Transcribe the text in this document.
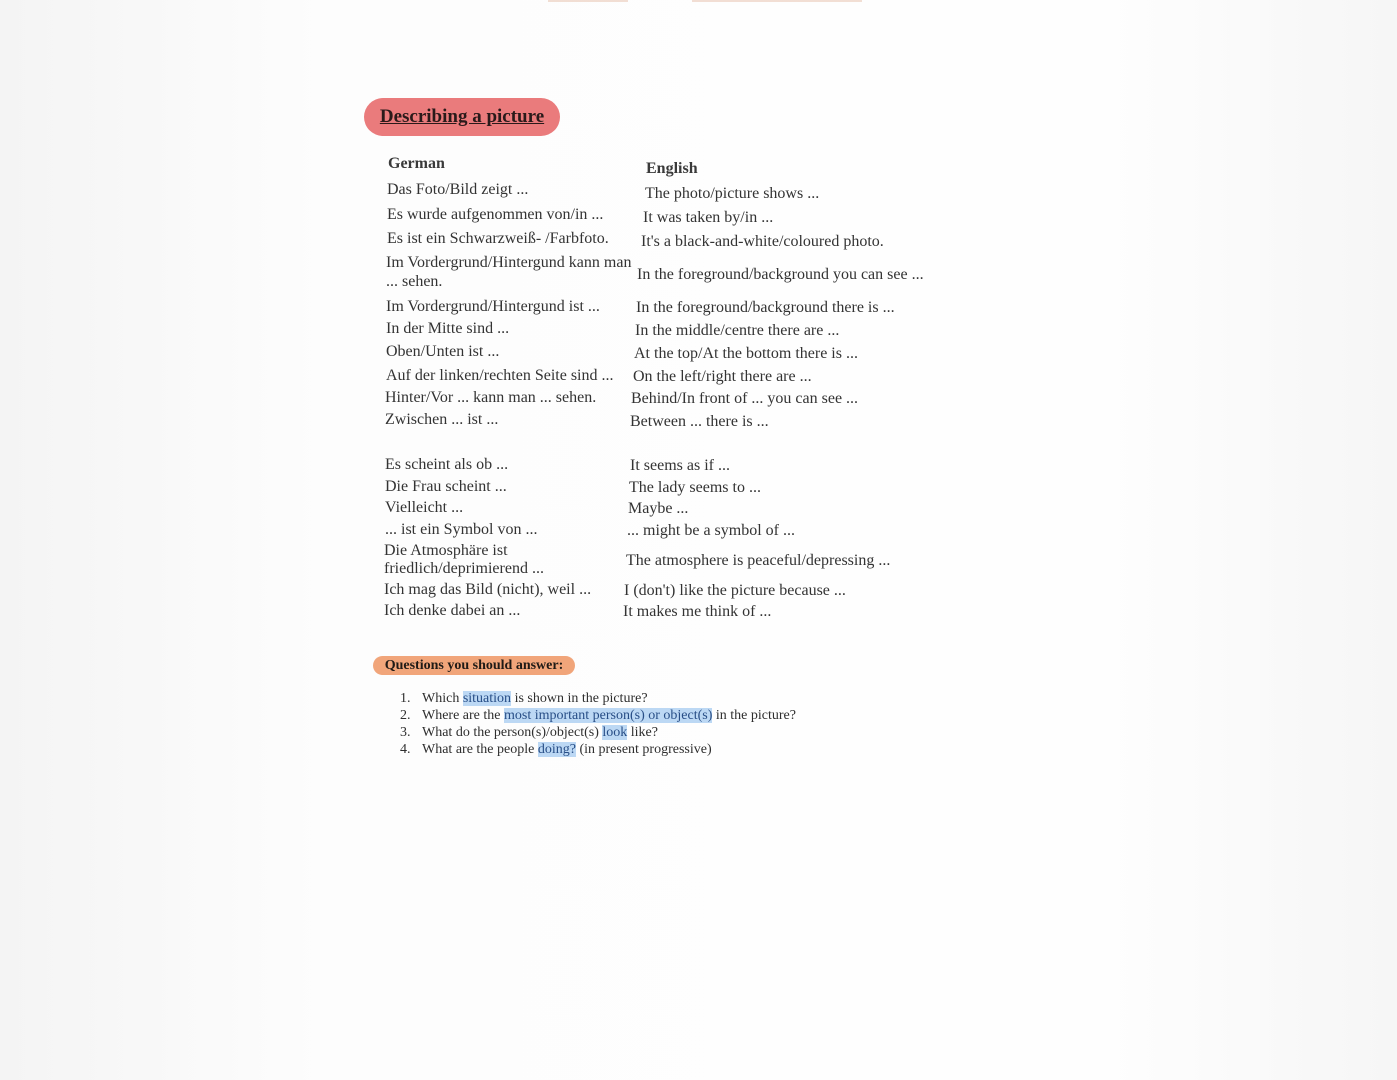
Describing a picture
German	English
Das Foto/Bild zeigt ...	The photo/picture shows ...
Es wurde aufgenommen von/in ... It was taken by/in ...
Es ist ein Schwarzweiß- /Farbfoto. It's a black-and-white/coloured photo.
Im Vordergrund/Hintergund kann man
... sehen.	In the foreground/background you can see ...
Im Vordergrund/Hintergund ist ... In the foreground/background there is ...
In der Mitte sind ...	In the middle/centre there are ...
Oben/Unten ist ...	At the top/At the bottom there is ...
Auf der linken/rechten Seite sind ... On the left/right there are ...
Hinter/Vor ... kann man ... sehen. Behind/In front of ... you can see ...
Zwischen ... ist ...	Between ... there is ...
Es scheint als ob ...	It seems as if ...
Die Frau scheint ...	The lady seems to ...
Vielleicht ...	Maybe ...
... ist ein Symbol von ...	... might be a symbol of ...
Die Atmosphäre ist
friedlich/deprimierend ...	The atmosphere is peaceful/depressing ...
Ich mag das Bild (nicht), weil ... I (don't) like the picture because ...
Ich denke dabei an ...	It makes me think of ...
Questions you should answer:
1. Which situation is shown in the picture?
2. Where are the most important person(s) or object(s) in the picture?
3. What do the person(s)/object(s) look like?
4. What are the people doing? (in present progressive)
